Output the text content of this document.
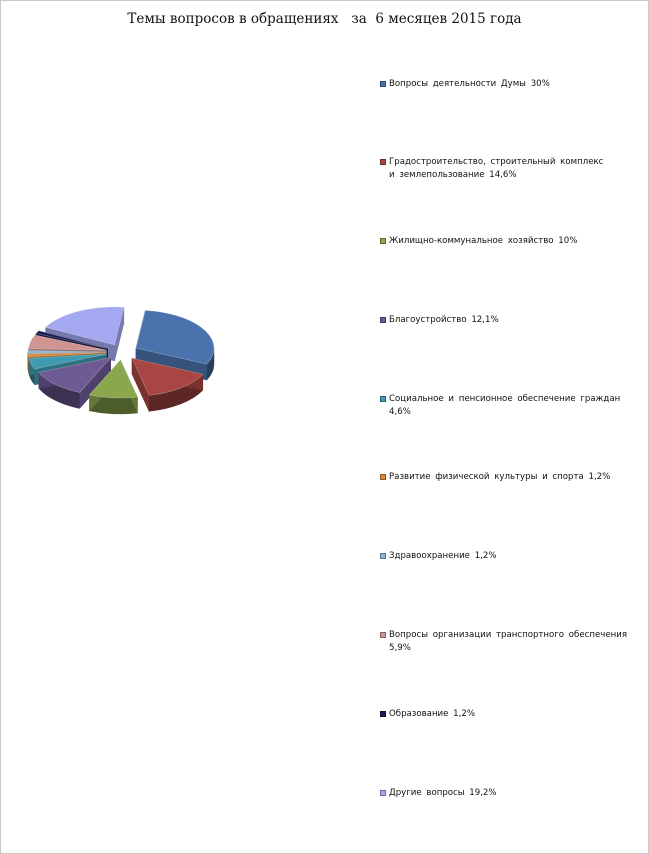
Темы вопросов в обращениях   за  6 месяцев 2015 года
Вопросы деятельности Думы 30%
Градостроительство, строительный комплекс и землепользование 14,6%
Жилищно-коммунальное хозяйство 10%
Благоустройство 12,1%
Социальное и пенсионное обеспечение граждан 4,6%
Развитие физической культуры и спорта 1,2%
Здравоохранение 1,2%
Вопросы организации транспортного обеспечения 5,9%
Образование 1,2%
Другие вопросы 19,2%
